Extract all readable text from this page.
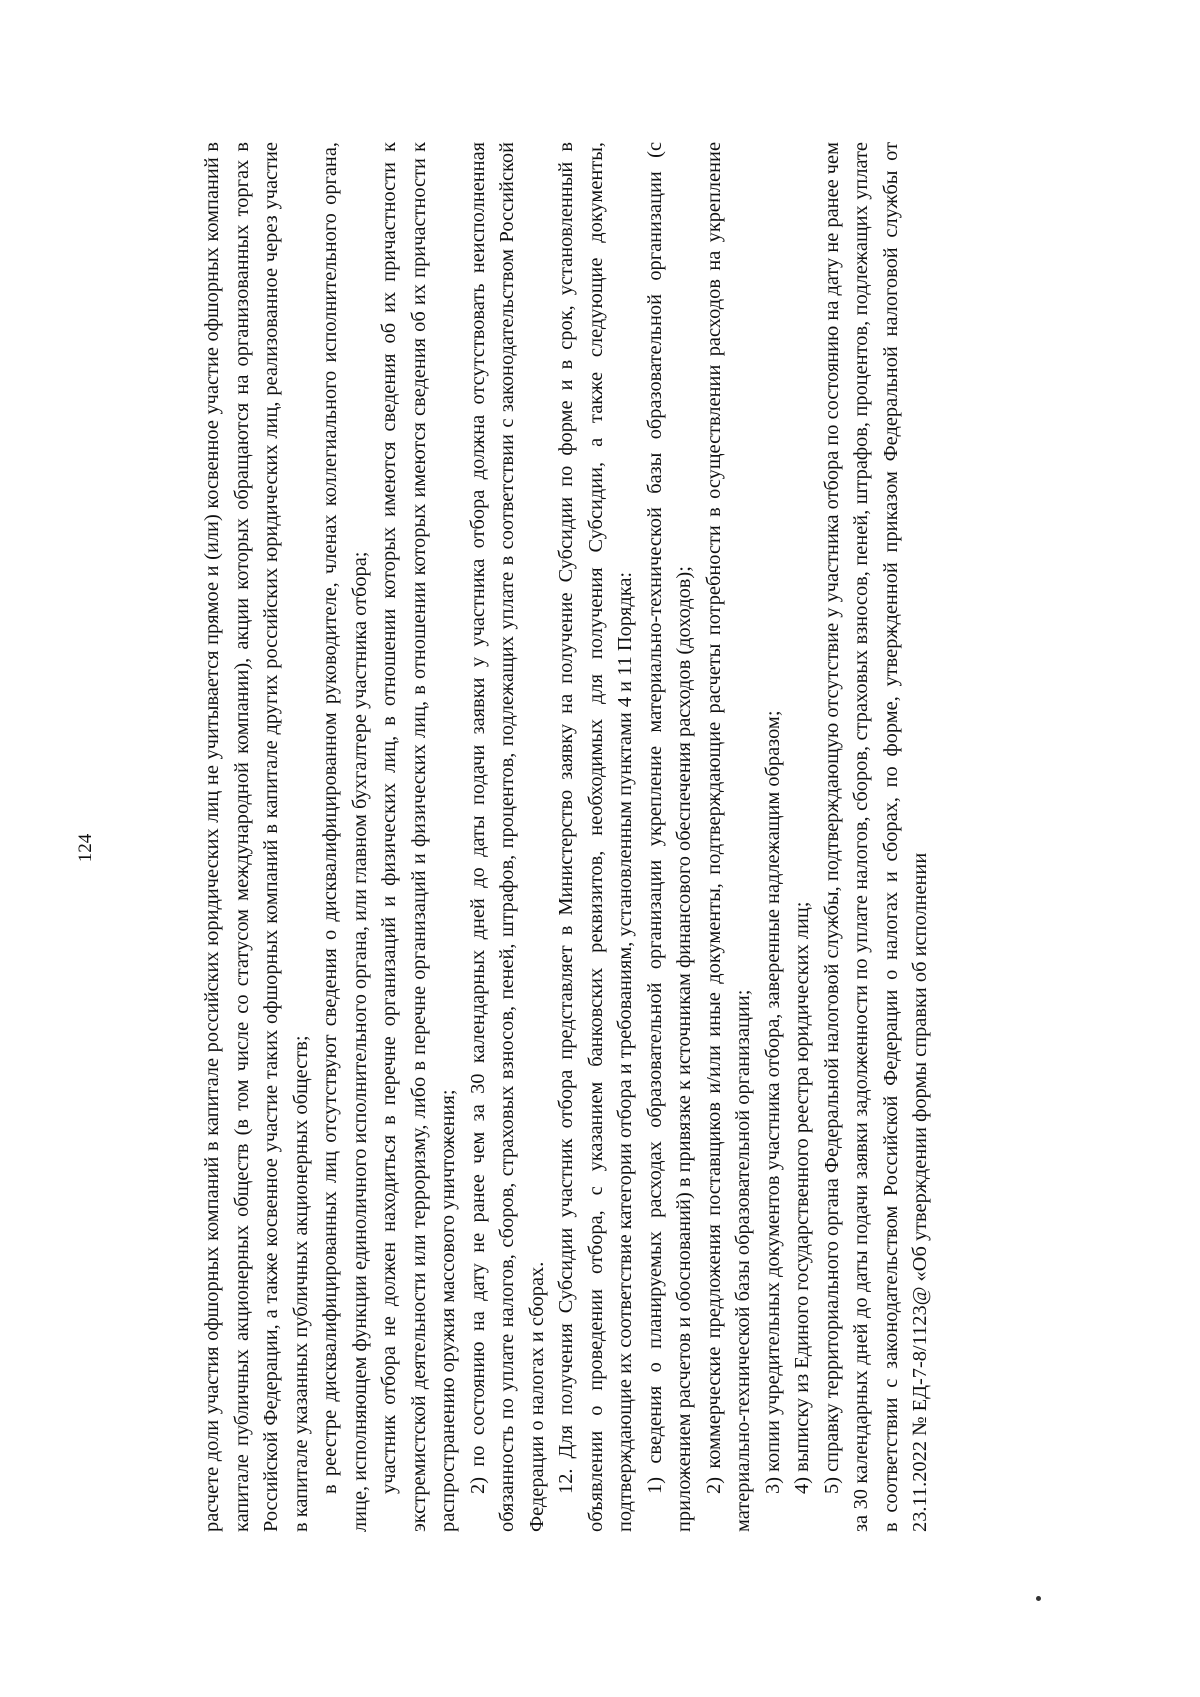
124	расчете доли участия офшорных компаний в капитале российских юридических лиц не учитывается прямое и (или) косвенное участие офшорных компаний в капитале публичных акционерных обществ (в том числе со статусом международной компании), акции которых обращаются на организованных торгах в Российской Федерации, а также косвенное участие таких офшорных компаний в капитале других российских юридических лиц, реализованное через участие в капитале указанных публичных акционерных обществ; в реестре дисквалифицированных лиц отсутствуют сведения о дисквалифицированном руководителе, членах коллегиального исполнительного органа, лице, исполняющем функции единоличного исполнительного органа, или главном бухгалтере участника отбора; участник отбора не должен находиться в перечне организаций и физических лиц, в отношении которых имеются сведения об их причастности к экстремистской деятельности или терроризму, либо в перечне организаций и физических лиц, в отношении которых имеются сведения об их причастности к распространению оружия массового уничтожения; 2) по состоянию на дату не ранее чем за 30 календарных дней до даты подачи заявки у участника отбора должна отсутствовать неисполненная обязанность по уплате налогов, сборов, страховых взносов, пеней, штрафов, процентов, подлежащих уплате в соответствии с законодательством Российской Федерации о налогах и сборах. 12. Для получения Субсидии участник отбора представляет в Министерство заявку на получение Субсидии по форме и в срок, установленный в объявлении о проведении отбора, с указанием банковских реквизитов, необходимых для получения Субсидии, а также следующие документы, подтверждающие их соответствие категории отбора и требованиям, установленным пунктами 4 и 11 Порядка: 1) сведения о планируемых расходах образовательной организации укрепление материально-технической базы образовательной организации (с приложением расчетов и обоснований) в привязке к источникам финансового обеспечения расходов (доходов); 2) коммерческие предложения поставщиков и/или иные документы, подтверждающие расчеты потребности в осуществлении расходов на укрепление материально-технической базы образовательной организации; 3) копии учредительных документов участника отбора, заверенные надлежащим образом; 4) выписку из Единого государственного реестра юридических лиц; 5) справку территориального органа Федеральной налоговой службы, подтверждающую отсутствие у участника отбора по состоянию на дату не ранее чем за 30 календарных дней до даты подачи заявки задолженности по уплате налогов, сборов, страховых взносов, пеней, штрафов, процентов, подлежащих уплате в соответствии с законодательством Российской Федерации о налогах и сборах, по форме, утвержденной приказом Федеральной налоговой службы от 23.11.2022 № ЕД-7-8/1123@ «Об утверждении формы справки об исполнении
